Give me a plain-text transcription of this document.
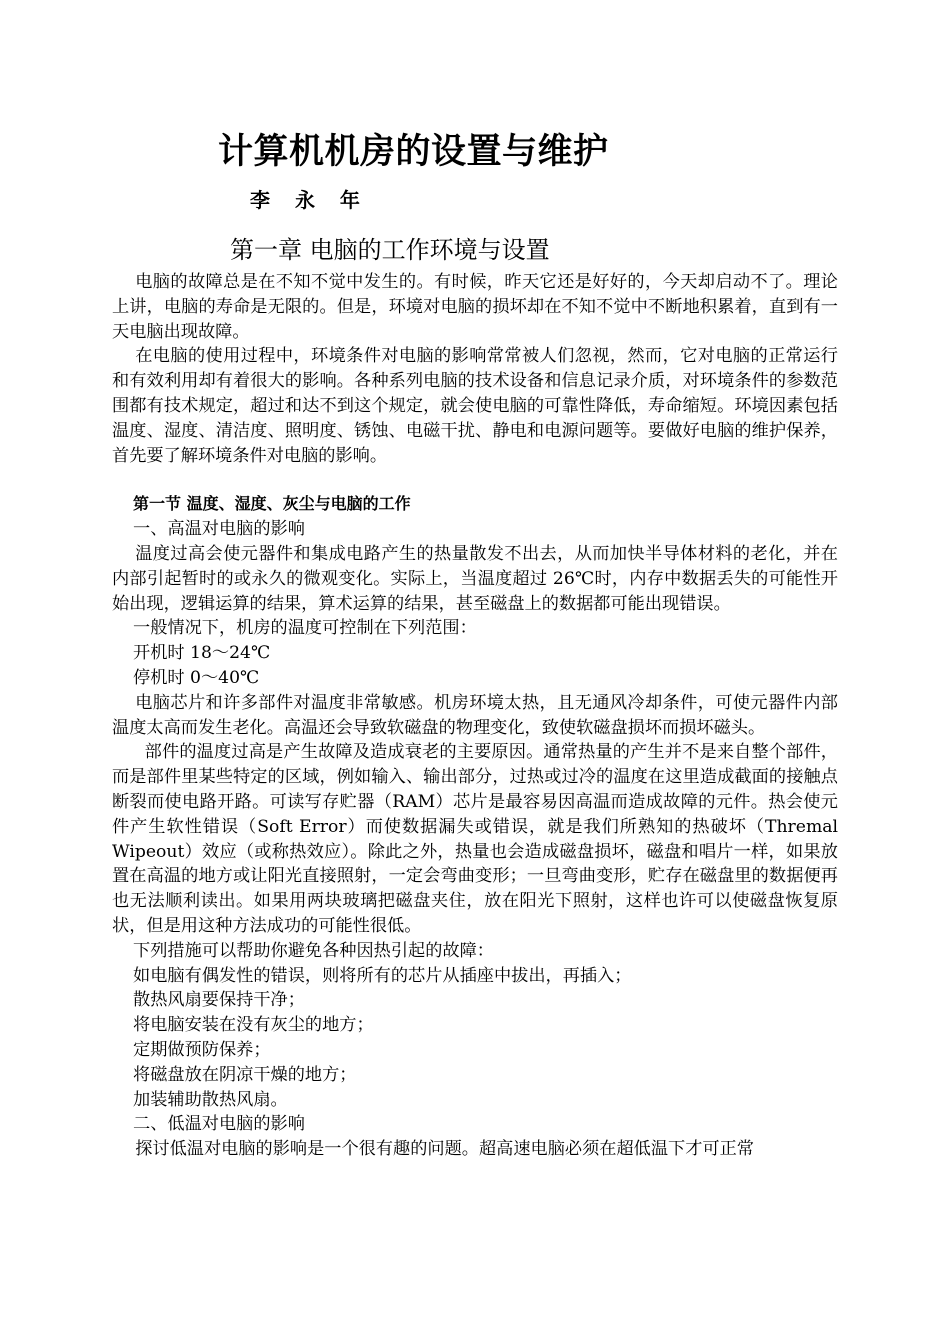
计算机机房的设置与维护
李 永 年
第一章 电脑的工作环境与设置

电脑的故障总是在不知不觉中发生的。有时候，昨天它还是好好的，今天却启动不了。理论上讲，电脑的寿命是无限的。但是，环境对电脑的损坏却在不知不觉中不断地积累着，直到有一天电脑出现故障。

在电脑的使用过程中，环境条件对电脑的影响常常被人们忽视，然而，它对电脑的正常运行和有效利用却有着很大的影响。各种系列电脑的技术设备和信息记录介质，对环境条件的参数范围都有技术规定，超过和达不到这个规定，就会使电脑的可靠性降低，寿命缩短。环境因素包括温度、湿度、清洁度、照明度、锈蚀、电磁干扰、静电和电源问题等。要做好电脑的维护保养，首先要了解环境条件对电脑的影响。

第一节 温度、湿度、灰尘与电脑的工作

一、高温对电脑的影响

温度过高会使元器件和集成电路产生的热量散发不出去，从而加快半导体材料的老化，并在内部引起暂时的或永久的微观变化。实际上，当温度超过 26℃时，内存中数据丢失的可能性开始出现，逻辑运算的结果，算术运算的结果，甚至磁盘上的数据都可能出现错误。

一般情况下，机房的温度可控制在下列范围：

开机时 18～24℃

停机时 0～40℃

电脑芯片和许多部件对温度非常敏感。机房环境太热，且无通风冷却条件，可使元器件内部温度太高而发生老化。高温还会导致软磁盘的物理变化，致使软磁盘损坏而损坏磁头。

部件的温度过高是产生故障及造成衰老的主要原因。通常热量的产生并不是来自整个部件，而是部件里某些特定的区域，例如输入、输出部分，过热或过冷的温度在这里造成截面的接触点断裂而使电路开路。可读写存贮器（RAM）芯片是最容易因高温而造成故障的元件。热会使元件产生软性错误（Soft Error）而使数据漏失或错误，就是我们所熟知的热破坏（Thremal Wipeout）效应（或称热效应）。除此之外，热量也会造成磁盘损坏，磁盘和唱片一样，如果放置在高温的地方或让阳光直接照射，一定会弯曲变形；一旦弯曲变形，贮存在磁盘里的数据便再也无法顺利读出。如果用两块玻璃把磁盘夹住，放在阳光下照射，这样也许可以使磁盘恢复原状，但是用这种方法成功的可能性很低。

下列措施可以帮助你避免各种因热引起的故障：

如电脑有偶发性的错误，则将所有的芯片从插座中拔出，再插入；

散热风扇要保持干净；

将电脑安装在没有灰尘的地方；

定期做预防保养；

将磁盘放在阴凉干燥的地方；

加装辅助散热风扇。

二、低温对电脑的影响

探讨低温对电脑的影响是一个很有趣的问题。超高速电脑必须在超低温下才可正常
